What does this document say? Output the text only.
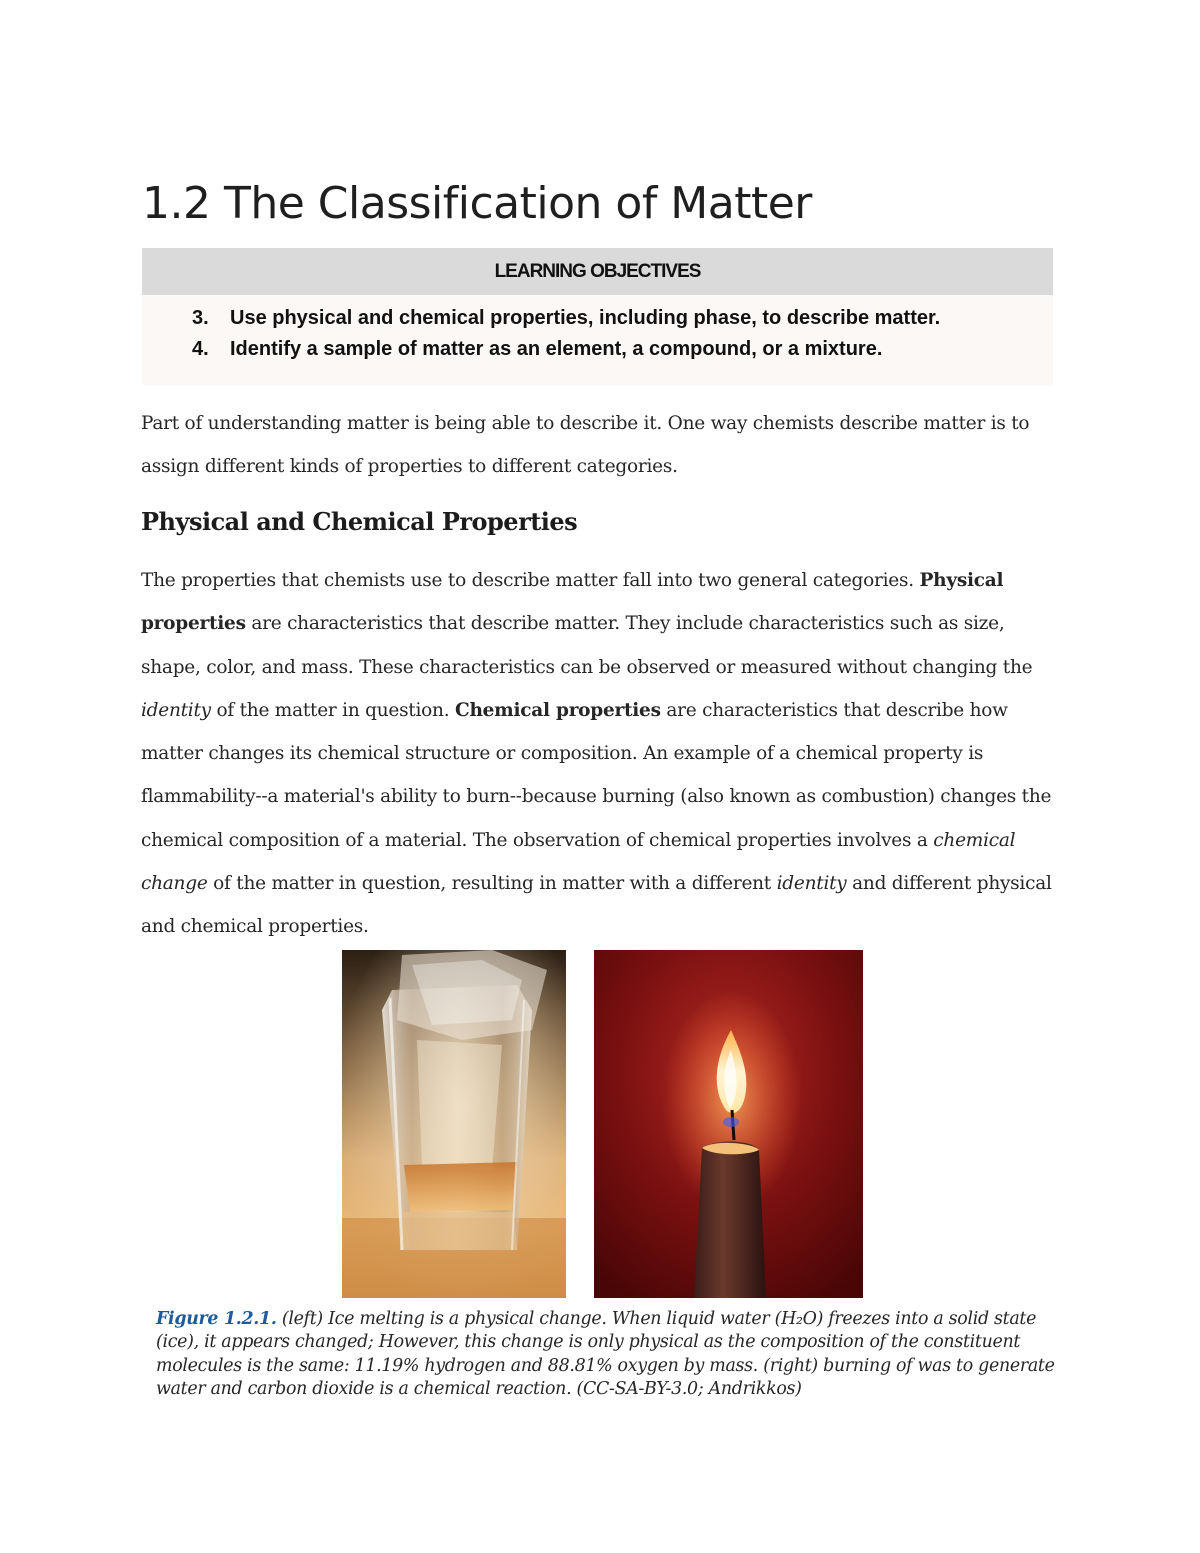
1.2 The Classification of Matter
LEARNING OBJECTIVES
3.	Use physical and chemical properties, including phase, to describe matter.
4.	Identify a sample of matter as an element, a compound, or a mixture.

Part of understanding matter is being able to describe it. One way chemists describe matter is to assign different kinds of properties to different categories.

Physical and Chemical Properties

The properties that chemists use to describe matter fall into two general categories. Physical properties are characteristics that describe matter. They include characteristics such as size, shape, color, and mass. These characteristics can be observed or measured without changing the identity of the matter in question. Chemical properties are characteristics that describe how matter changes its chemical structure or composition. An example of a chemical property is flammability--a material's ability to burn--because burning (also known as combustion) changes the chemical composition of a material. The observation of chemical properties involves a chemical change of the matter in question, resulting in matter with a different identity and different physical and chemical properties.

Figure 1.2.1. (left) Ice melting is a physical change. When liquid water (H₂O) freezes into a solid state (ice), it appears changed; However, this change is only physical as the composition of the constituent molecules is the same: 11.19% hydrogen and 88.81% oxygen by mass. (right) burning of was to generate water and carbon dioxide is a chemical reaction. (CC-SA-BY-3.0; Andrikkos)
